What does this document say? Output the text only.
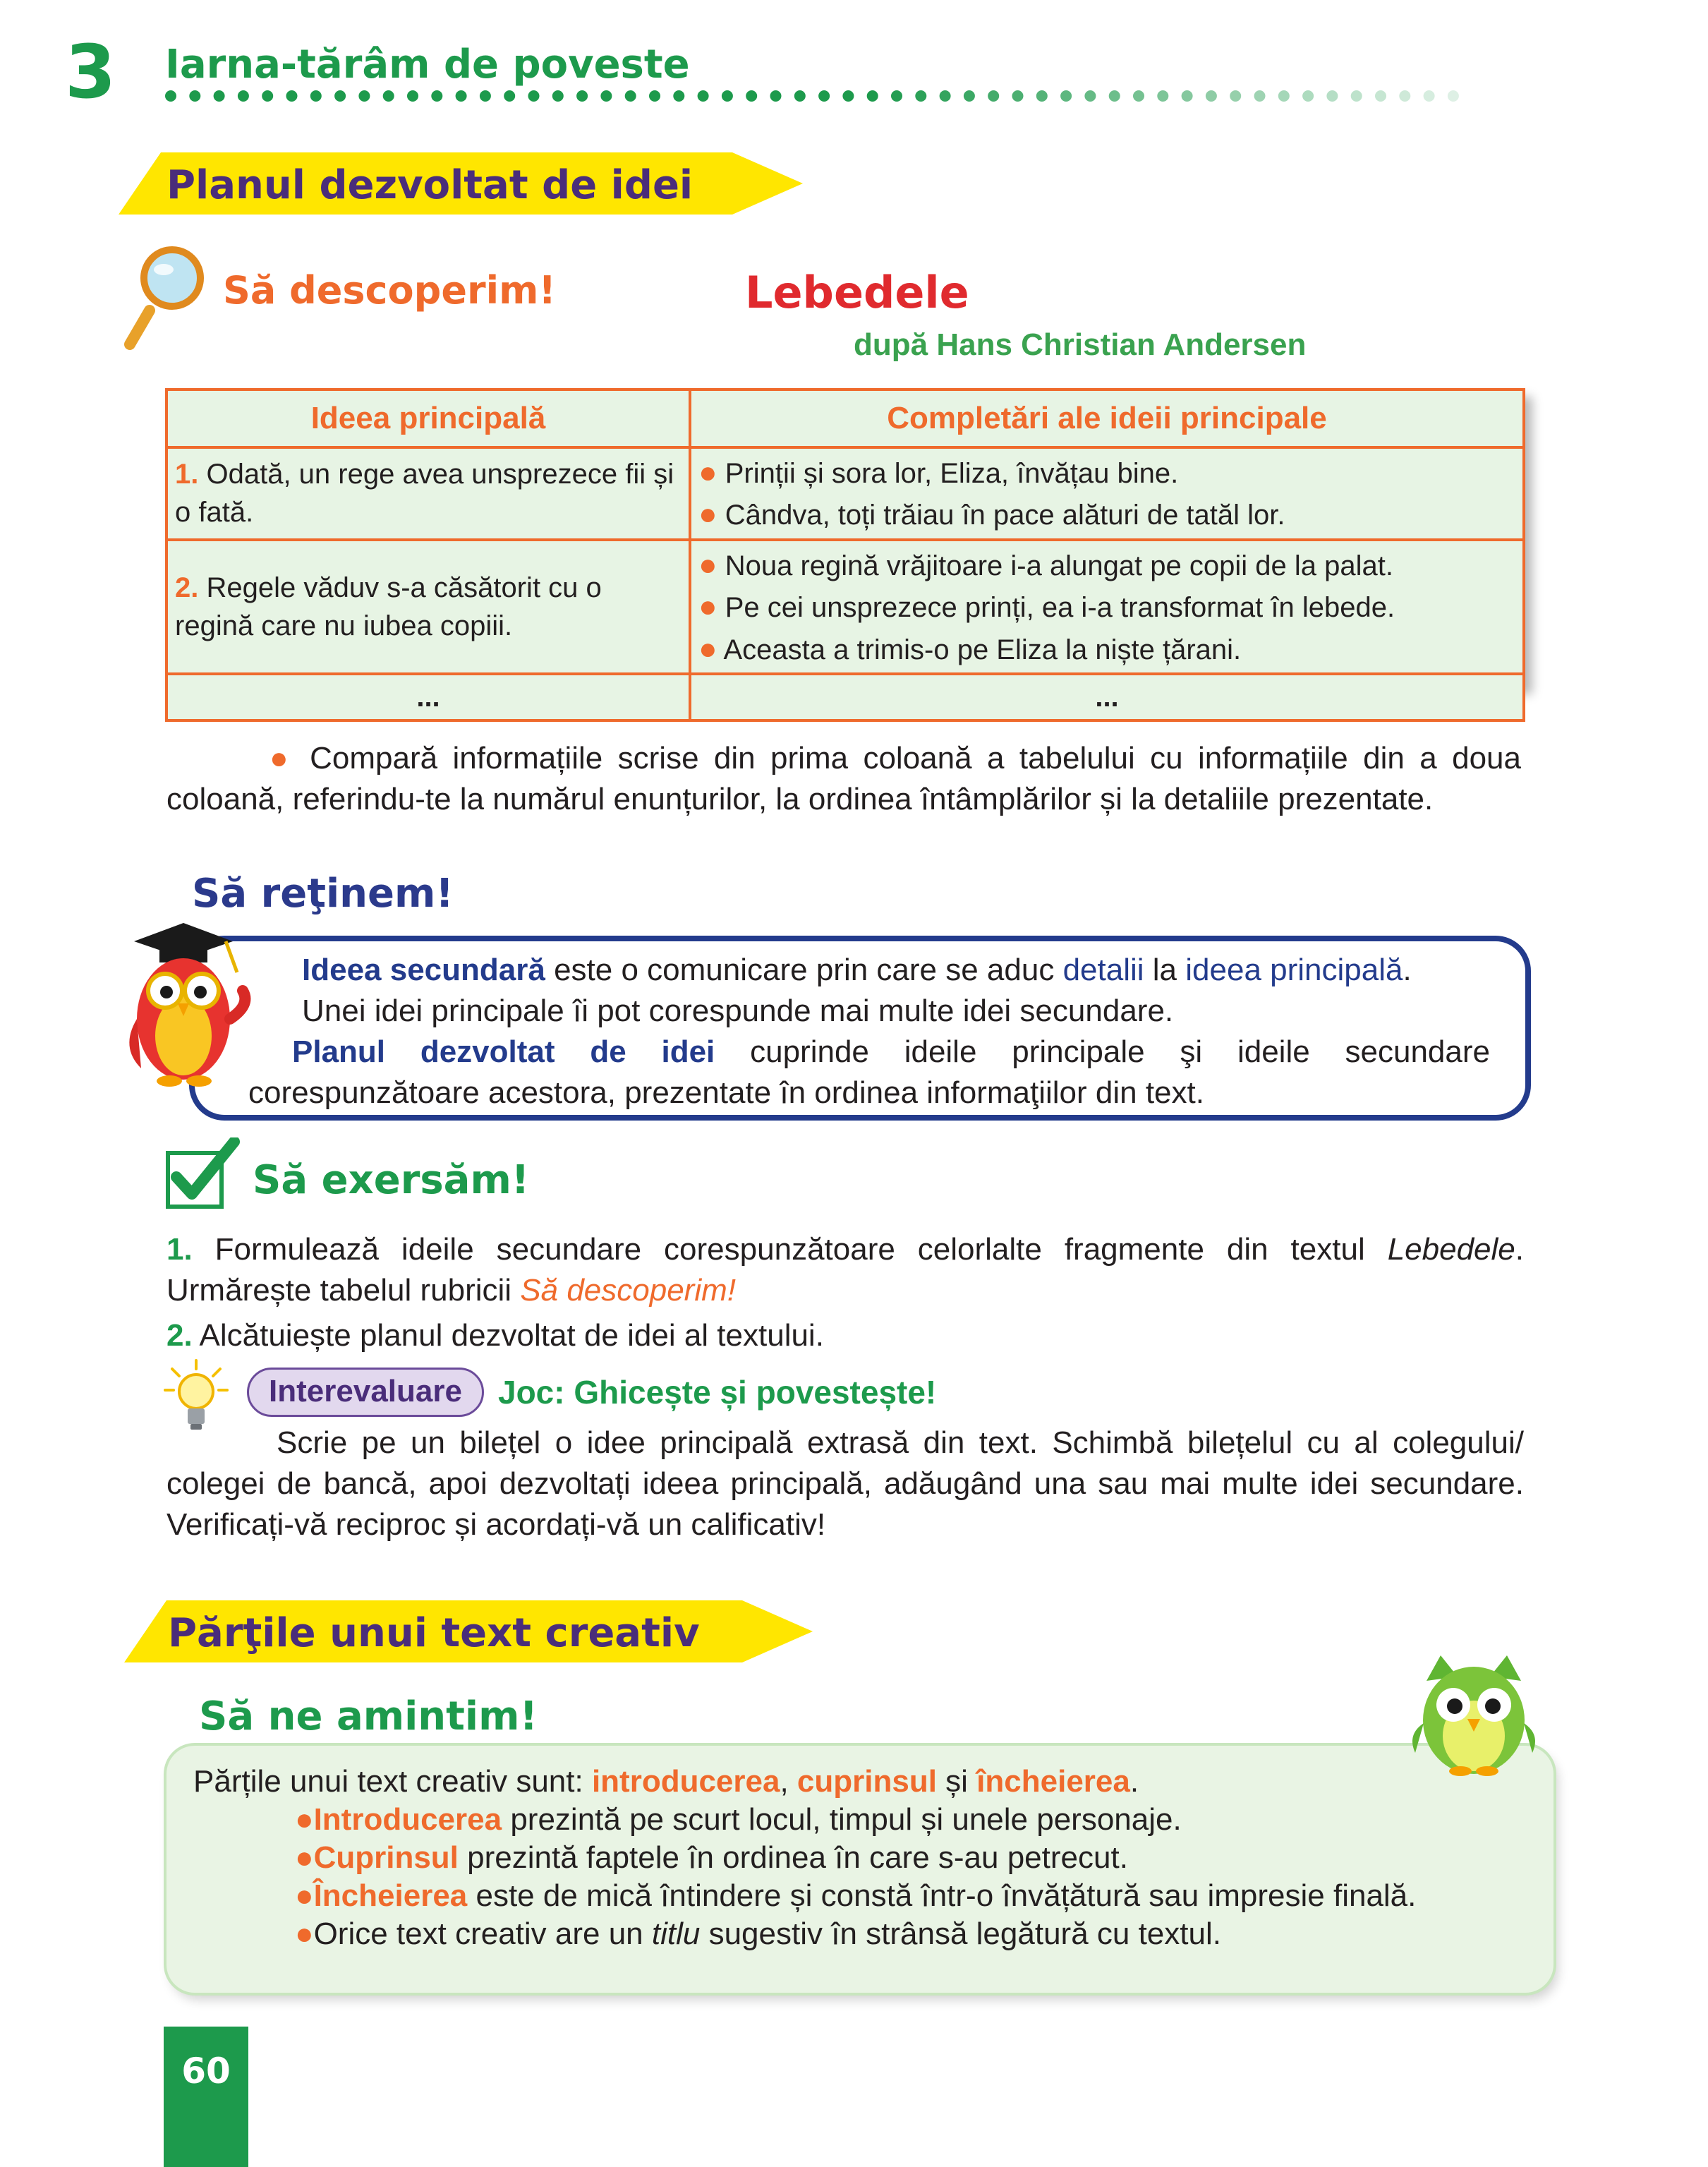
3 Iarna-tărâm de poveste
Planul dezvoltat de idei
Să descoperim!	Lebedele
după Hans Christian Andersen
Ideea principală	Completări ale ideii principale
1. Odată, un rege avea unsprezece fii și o fată.	● Prinții și sora lor, Eliza, învățau bine.
● Cândva, toți trăiau în pace alături de tatăl lor.

2. Regele văduv s-a căsătorit cu o regină care nu iubea copiii.	● Noua regină vrăjitoare i-a alungat pe copii de la palat.
● Pe cei unsprezece prinți, ea i-a transformat în lebede.
● Aceasta a trimis-o pe Eliza la niște țărani.

...	...
● Compară informațiile scrise din prima coloană a tabelului cu informațiile din a doua coloană, referindu-te la numărul enunțurilor, la ordinea întâmplărilor și la detaliile prezentate.
Să reţinem!
Ideea secundară este o comunicare prin care se aduc detalii la ideea principală.
Unei idei principale îi pot corespunde mai multe idei secundare.
Planul dezvoltat de idei cuprinde ideile principale şi ideile secundare corespunzătoare acestora, prezentate în ordinea informaţiilor din text.
Să exersăm!
1. Formulează ideile secundare corespunzătoare celorlalte fragmente din textul Lebedele. Urmărește tabelul rubricii Să descoperim!
2. Alcătuiește planul dezvoltat de idei al textului.
Interevaluare	Joc: Ghicește și povestește!
Scrie pe un bilețel o idee principală extrasă din text. Schimbă bilețelul cu al colegului/ colegei de bancă, apoi dezvoltați ideea principală, adăugând una sau mai multe idei secundare. Verificați-vă reciproc și acordați-vă un calificativ!
Părţile unui text creativ
Să ne amintim!
Părțile unui text creativ sunt: introducerea, cuprinsul și încheierea.
●Introducerea prezintă pe scurt locul, timpul și unele personaje.
●Cuprinsul prezintă faptele în ordinea în care s-au petrecut.
●Încheierea este de mică întindere și constă într-o învățătură sau impresie finală.
●Orice text creativ are un titlu sugestiv în strânsă legătură cu textul.
60
